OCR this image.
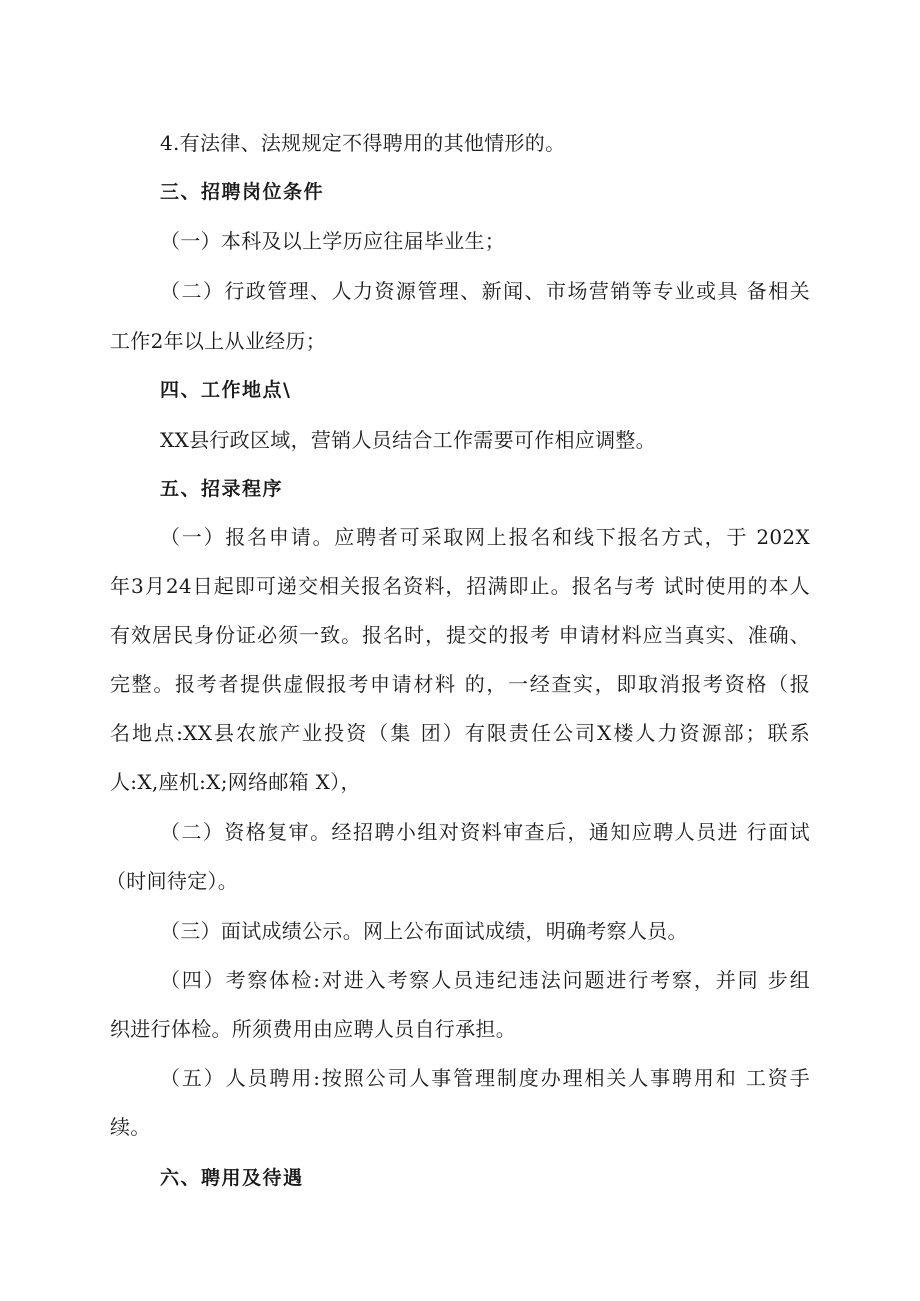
4.有法律、法规规定不得聘用的其他情形的。
三、招聘岗位条件
（一）本科及以上学历应往届毕业生；
（二）行政管理、人力资源管理、新闻、市场营销等专业或具 备相关
工作2年以上从业经历；
四、工作地点\
XX县行政区域，营销人员结合工作需要可作相应调整。
五、招录程序
（一）报名申请。应聘者可采取网上报名和线下报名方式，于 202X
年3月24日起即可递交相关报名资料，招满即止。报名与考 试时使用的本人
有效居民身份证必须一致。报名时，提交的报考 申请材料应当真实、准确、
完整。报考者提供虚假报考申请材料 的，一经查实，即取消报考资格（报
名地点:XX县农旅产业投资（集 团）有限责任公司X楼人力资源部；联系
人:X,座机:X;网络邮箱 X），
（二）资格复审。经招聘小组对资料审查后，通知应聘人员进 行面试
（时间待定）。
（三）面试成绩公示。网上公布面试成绩，明确考察人员。
（四）考察体检:对进入考察人员违纪违法问题进行考察，并同 步组
织进行体检。所须费用由应聘人员自行承担。
（五）人员聘用:按照公司人事管理制度办理相关人事聘用和 工资手
续。
六、聘用及待遇
